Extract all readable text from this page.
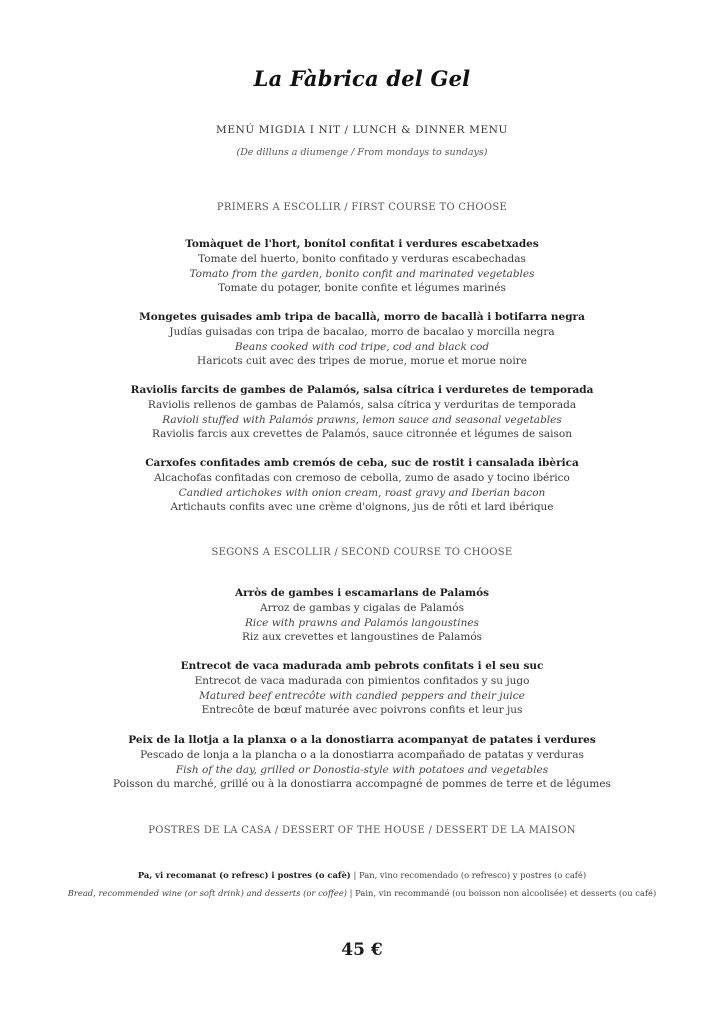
La Fàbrica del Gel
MENÚ MIGDIA I NIT / LUNCH & DINNER MENU
(De dilluns a diumenge / From mondays to sundays)
PRIMERS A ESCOLLIR / FIRST COURSE TO CHOOSE
Tomàquet de l'hort, bonítol confitat i verdures escabetxades
Tomate del huerto, bonito confitado y verduras escabechadas
Tomato from the garden, bonito confit and marinated vegetables
Tomate du potager, bonite confite et légumes marinés
Mongetes guisades amb tripa de bacallà, morro de bacallà i botifarra negra
Judías guisadas con tripa de bacalao, morro de bacalao y morcilla negra
Beans cooked with cod tripe, cod and black cod
Haricots cuit avec des tripes de morue, morue et morue noire
Raviolis farcits de gambes de Palamós, salsa cítrica i verduretes de temporada
Raviolis rellenos de gambas de Palamós, salsa cítrica y verduritas de temporada
Ravioli stuffed with Palamós prawns, lemon sauce and seasonal vegetables
Raviolis farcis aux crevettes de Palamós, sauce citronnée et légumes de saison
Carxofes confitades amb cremós de ceba, suc de rostit i cansalada ibèrica
Alcachofas confitadas con cremoso de cebolla, zumo de asado y tocino ibérico
Candied artichokes with onion cream, roast gravy and Iberian bacon
Artichauts confits avec une crème d'oignons, jus de rôti et lard ibérique
SEGONS A ESCOLLIR / SECOND COURSE TO CHOOSE
Arròs de gambes i escamarlans de Palamós
Arroz de gambas y cigalas de Palamós
Rice with prawns and Palamós langoustines
Riz aux crevettes et langoustines de Palamós
Entrecot de vaca madurada amb pebrots confitats i el seu suc
Entrecot de vaca madurada con pimientos confitados y su jugo
Matured beef entrecôte with candied peppers and their juice
Entrecôte de bœuf maturée avec poivrons confits et leur jus
Peix de la llotja a la planxa o a la donostiarra acompanyat de patates i verdures
Pescado de lonja a la plancha o a la donostiarra acompañado de patatas y verduras
Fish of the day, grilled or Donostia-style with potatoes and vegetables
Poisson du marché, grillé ou à la donostiarra accompagné de pommes de terre et de légumes
POSTRES DE LA CASA / DESSERT OF THE HOUSE / DESSERT DE LA MAISON
Pa, vi recomanat (o refresc) i postres (o cafè) | Pan, vino recomendado (o refresco) y postres (o café)
Bread, recommended wine (or soft drink) and desserts (or coffee) | Pain, vin recommandé (ou boisson non alcoolisée) et desserts (ou café)
45 €
